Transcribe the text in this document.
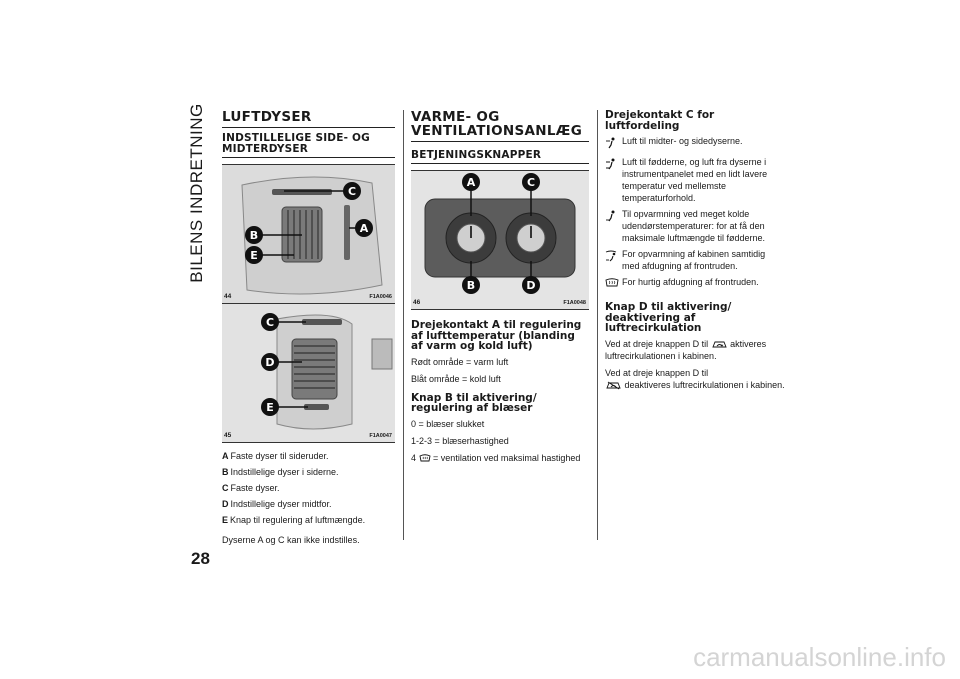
BILENS INDRETNING
28
LUFTDYSER
INDSTILLELIGE SIDE- OG MIDTERDYSER
C
A
B
E
44	F1A0046
C
D
E
45	F1A0047
A Faste dyser til sideruder.
B Indstillelige dyser i siderne.
C Faste dyser.
D Indstillelige dyser midtfor.
E Knap til regulering af luftmængde.

Dyserne A og C kan ikke indstilles.

VARME- OG
VENTILATIONSANLÆG
BETJENINGSKNAPPER
A	C
B	D
46	F1A0048
Drejekontakt A til regulering af lufttemperatur (blanding af varm og kold luft)

Rødt område = varm luft

Blåt område = kold luft

Knap B til aktivering/ regulering af blæser

0 = blæser slukket

1-2-3 = blæserhastighed

4 = ventilation ved maksimal hastighed

Drejekontakt C for luftfordeling
Luft til midter- og sidedyserne.
Luft til fødderne, og luft fra dyserne i instrumentpanelet med en lidt lavere temperatur ved mellemste temperaturforhold.
Til opvarmning ved meget kolde udendørstemperaturer: for at få den maksimale luftmængde til fødderne.
For opvarmning af kabinen samtidig med afdugning af frontruden.
For hurtig afdugning af frontruden.
Knap D til aktivering/ deaktivering af luftrecirkulation

Ved at dreje knappen D til aktiveres luftrecirkulationen i kabinen.

Ved at dreje knappen D til
deaktiveres luftrecirkulationen i kabinen.

carmanualsonline.info
